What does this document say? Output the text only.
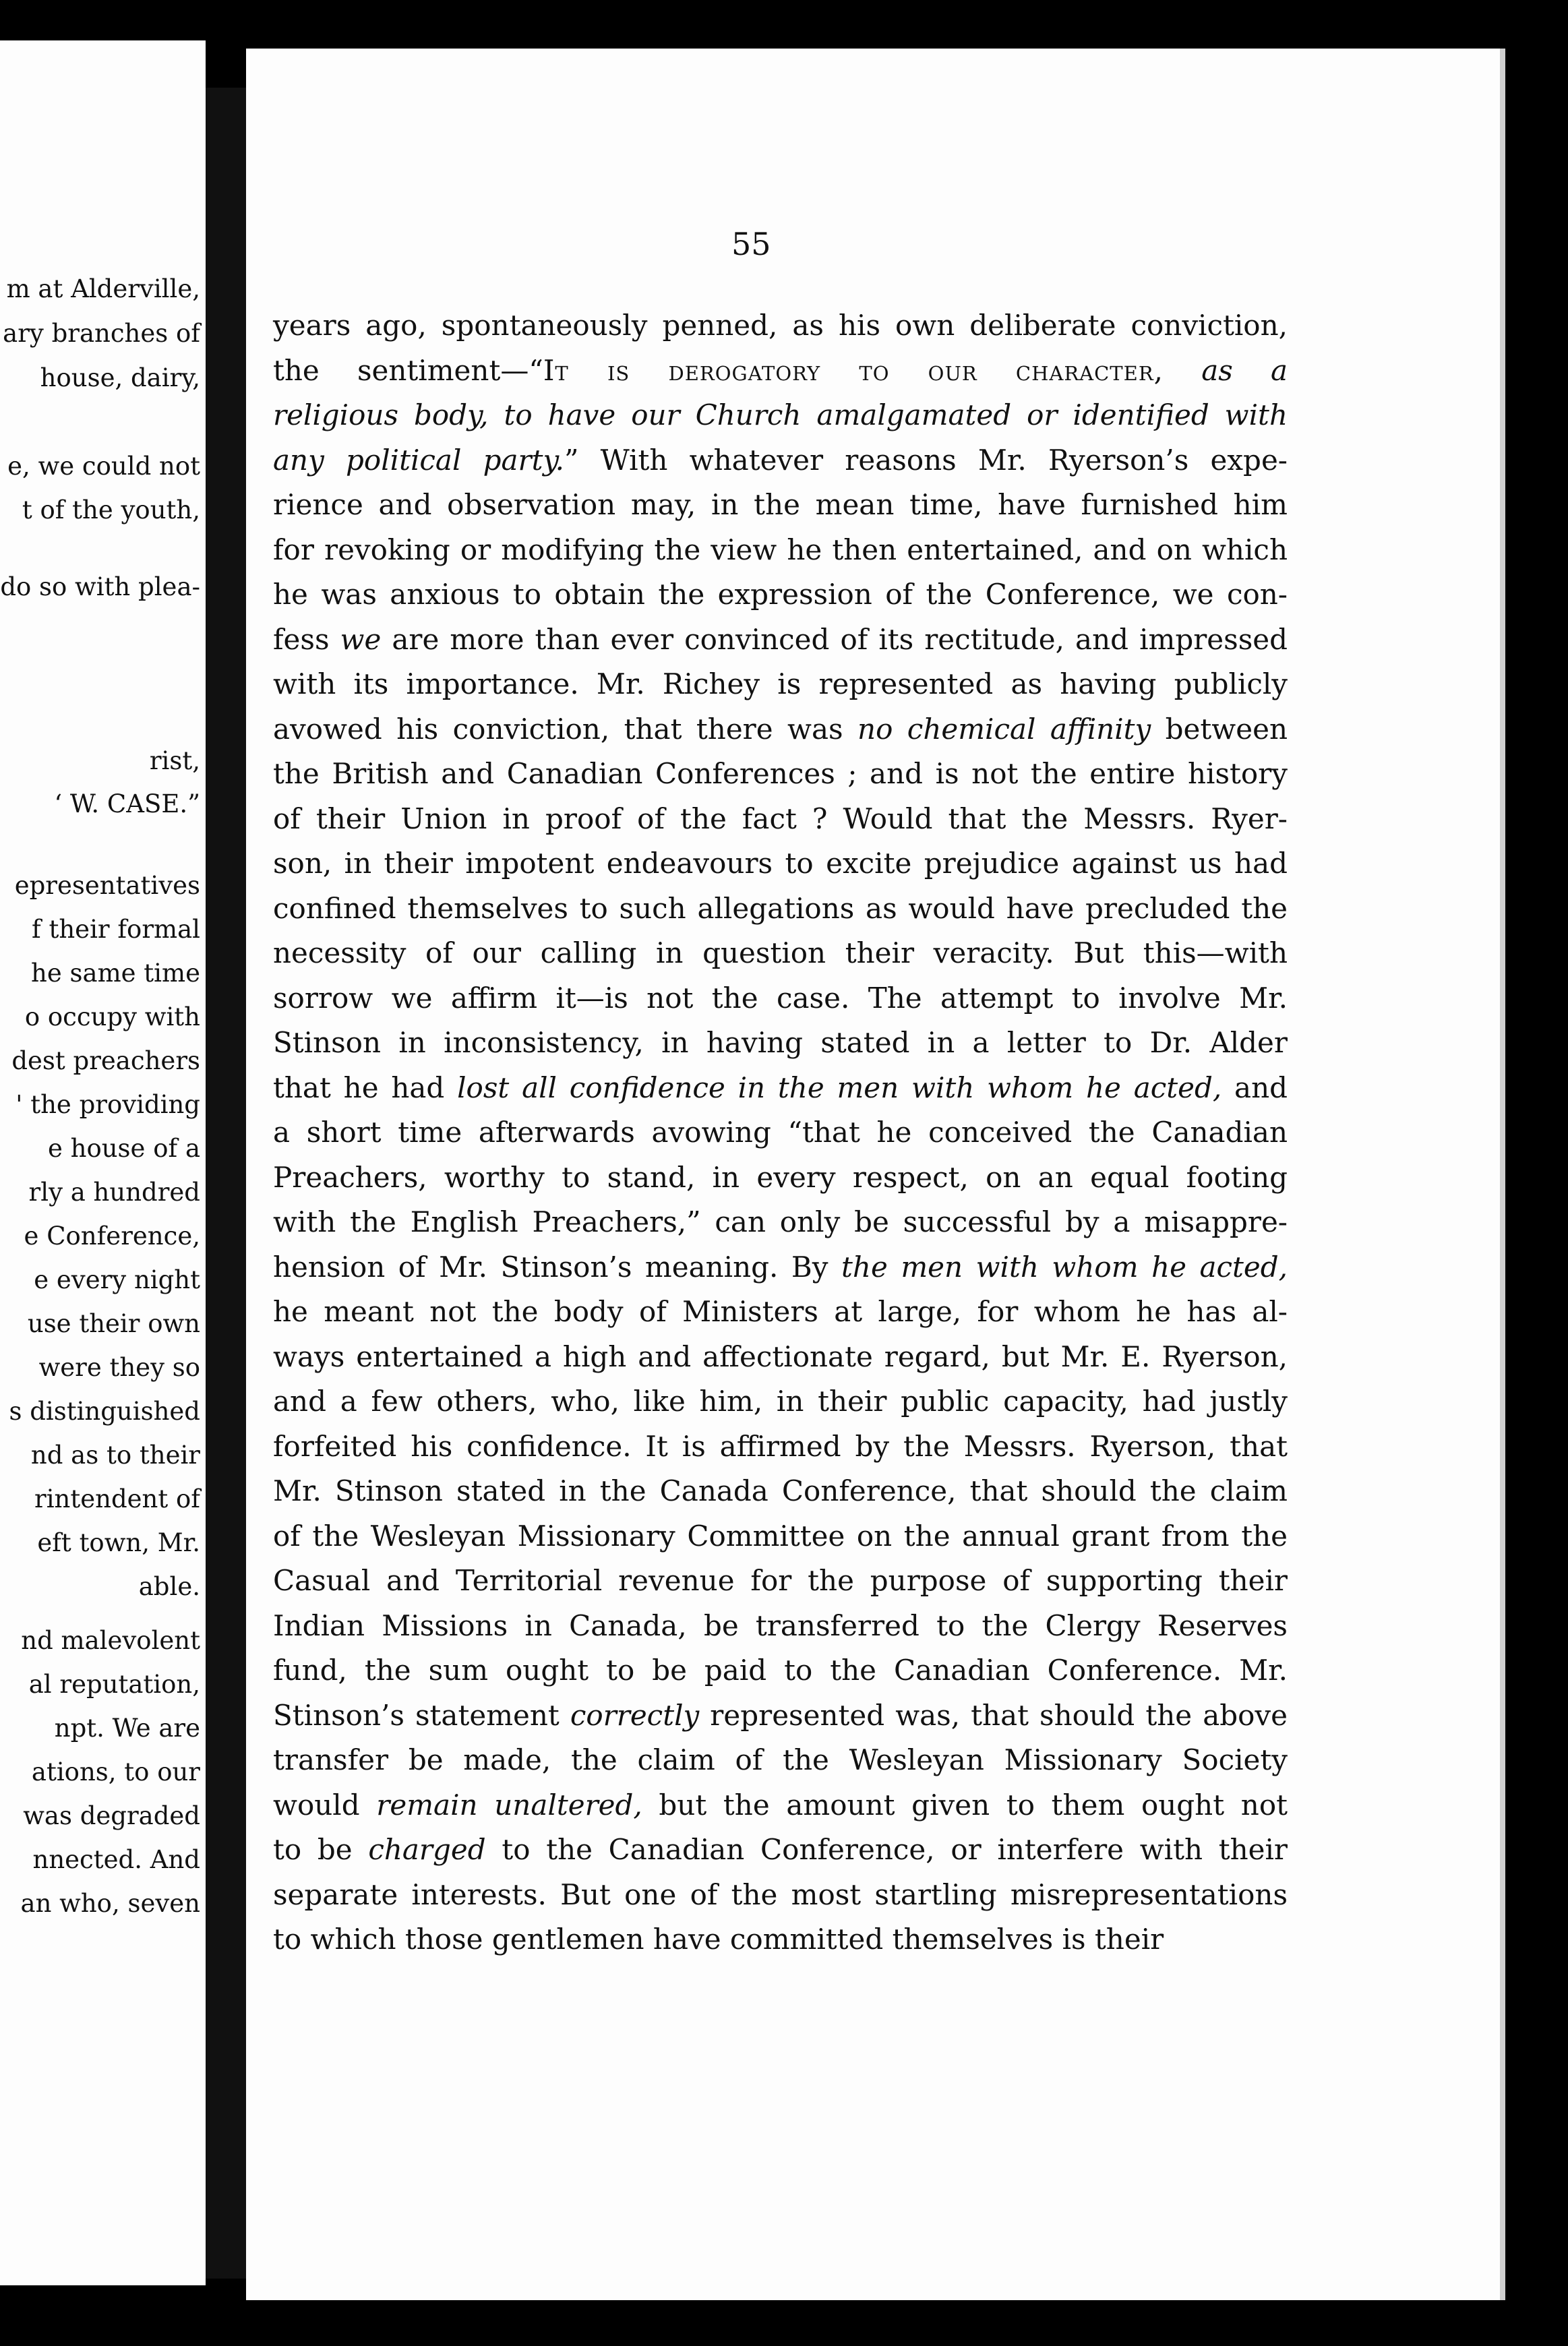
m at Alderville,
ary branches of
house, dairy,
e, we could not
t of the youth,
do so with plea-
rist,
‘ W. CASE.”
epresentatives
f their formal
he same time
o occupy with
dest preachers
' the providing
e house of a
rly a hundred
e Conference,
e every night
use their own
were they so
s distinguished
nd as to their
rintendent of
eft town, Mr.
able.
nd malevolent
al reputation,
npt. We are
ations, to our
was degraded
nnected. And
an who, seven
55
years ago, spontaneously penned, as his own deliberate conviction,
the sentiment—“It is derogatory to our character, as a
religious body, to have our Church amalgamated or identified with
any political party.” With whatever reasons Mr. Ryerson’s expe-
rience and observation may, in the mean time, have furnished him
for revoking or modifying the view he then entertained, and on which
he was anxious to obtain the expression of the Conference, we con-
fess we are more than ever convinced of its rectitude, and impressed
with its importance. Mr. Richey is represented as having publicly
avowed his conviction, that there was no chemical affinity between
the British and Canadian Conferences ; and is not the entire history
of their Union in proof of the fact ? Would that the Messrs. Ryer-
son, in their impotent endeavours to excite prejudice against us had
confined themselves to such allegations as would have precluded the
necessity of our calling in question their veracity. But this—with
sorrow we affirm it—is not the case. The attempt to involve Mr.
Stinson in inconsistency, in having stated in a letter to Dr. Alder
that he had lost all confidence in the men with whom he acted, and
a short time afterwards avowing “that he conceived the Canadian
Preachers, worthy to stand, in every respect, on an equal footing
with the English Preachers,” can only be successful by a misappre-
hension of Mr. Stinson’s meaning. By the men with whom he acted,
he meant not the body of Ministers at large, for whom he has al-
ways entertained a high and affectionate regard, but Mr. E. Ryerson,
and a few others, who, like him, in their public capacity, had justly
forfeited his confidence. It is affirmed by the Messrs. Ryerson, that
Mr. Stinson stated in the Canada Conference, that should the claim
of the Wesleyan Missionary Committee on the annual grant from the
Casual and Territorial revenue for the purpose of supporting their
Indian Missions in Canada, be transferred to the Clergy Reserves
fund, the sum ought to be paid to the Canadian Conference. Mr.
Stinson’s statement correctly represented was, that should the above
transfer be made, the claim of the Wesleyan Missionary Society
would remain unaltered, but the amount given to them ought not
to be charged to the Canadian Conference, or interfere with their
separate interests. But one of the most startling misrepresentations
to which those gentlemen have committed themselves is their
